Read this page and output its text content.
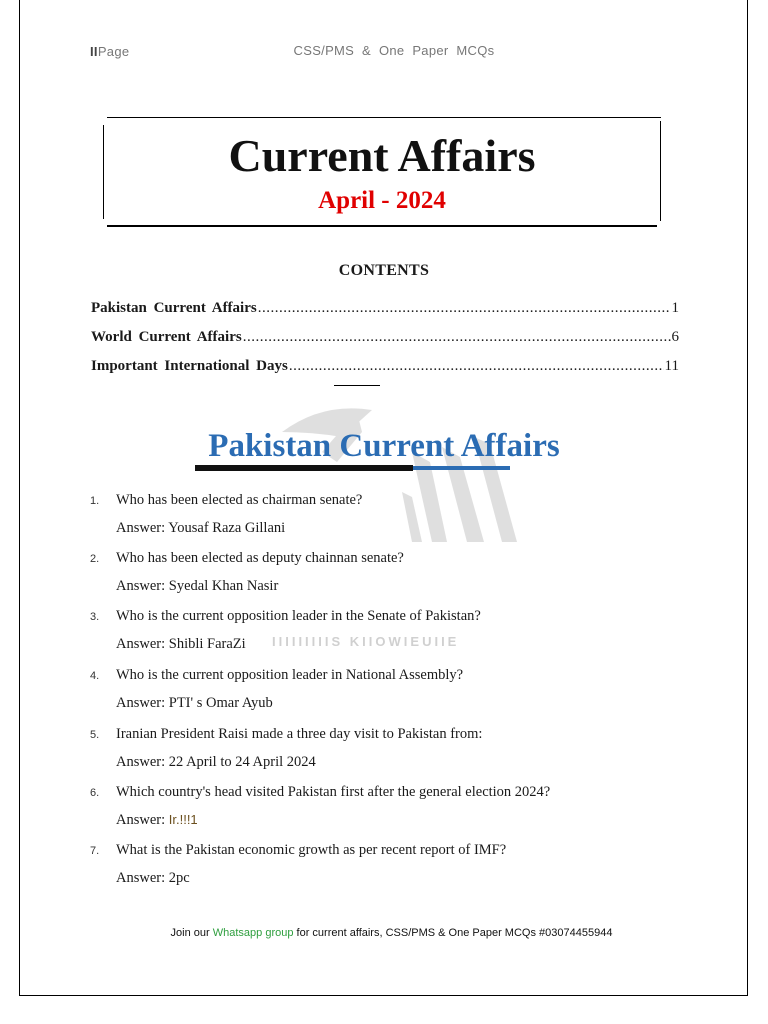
IIPage	CSS/PMS & One Paper MCQs
Current Affairs
April - 2024
CONTENTS
Pakistan Current Affairs .....	1
World Current Affairs .....	6
Important International Days .....	11
IIIIIIIIIS KIIOWIEUIIE
Pakistan Current Affairs
1. Who has been elected as chairman senate?
Answer: Yousaf Raza Gillani
2. Who has been elected as deputy chainnan senate?
Answer: Syedal Khan Nasir
3. Who is the current opposition leader in the Senate of Pakistan?
Answer: Shibli FaraZi
4. Who is the current opposition leader in National Assembly?
Answer: PTI' s Omar Ayub
5. Iranian President Raisi made a three day visit to Pakistan from:
Answer: 22 April to 24 April 2024
6. Which country's head visited Pakistan first after the general election 2024?
Answer: Ir.!!!1
7. What is the Pakistan economic growth as per recent report of IMF?
Answer: 2pc
Join our Whatsapp group for current affairs, CSS/PMS & One Paper MCQs #03074455944
